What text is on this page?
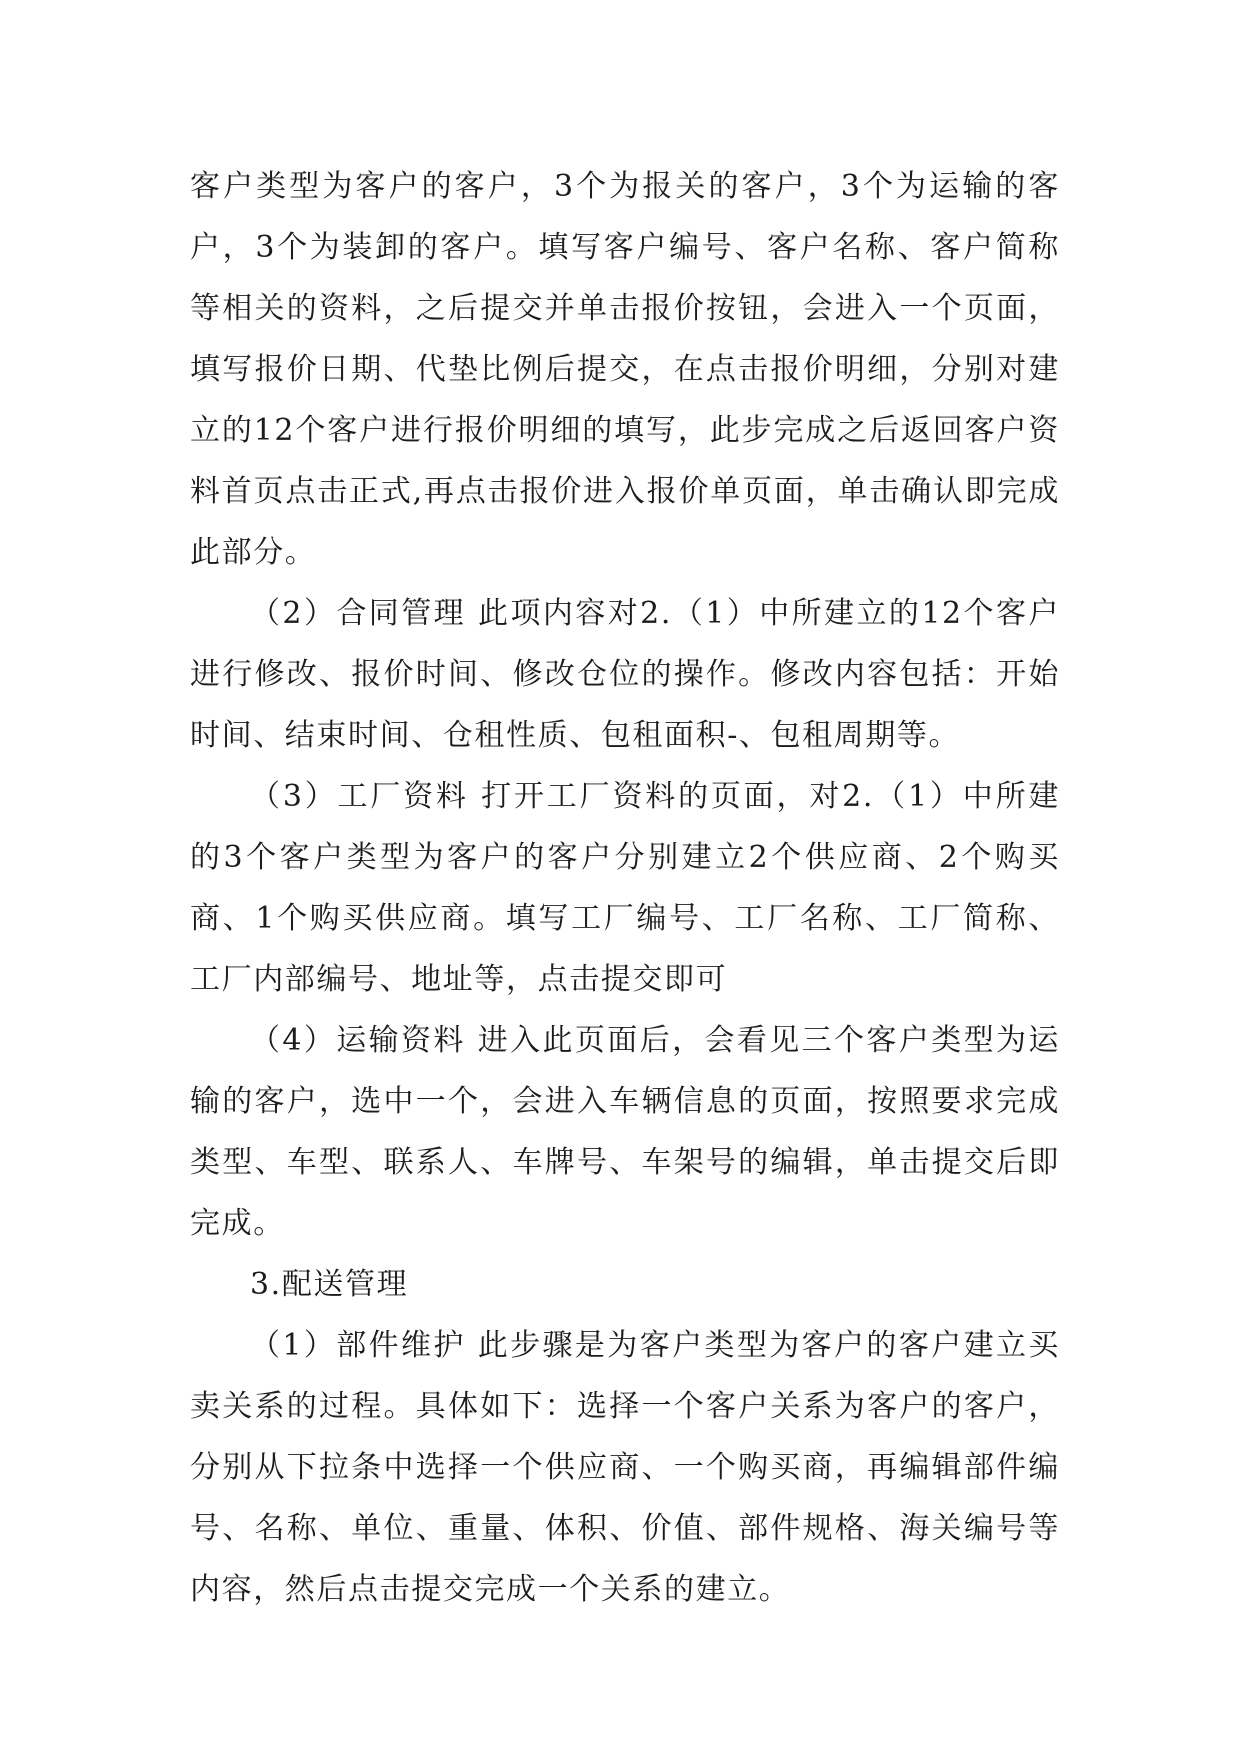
客户类型为客户的客户，3个为报关的客户，3个为运输的客户，3个为装卸的客户。填写客户编号、客户名称、客户简称等相关的资料，之后提交并单击报价按钮，会进入一个页面，填写报价日期、代垫比例后提交，在点击报价明细，分别对建立的12个客户进行报价明细的填写，此步完成之后返回客户资料首页点击正式,再点击报价进入报价单页面，单击确认即完成此部分。

（2）合同管理 此项内容对2.（1）中所建立的12个客户进行修改、报价时间、修改仓位的操作。修改内容包括：开始时间、结束时间、仓租性质、包租面积-、包租周期等。

（3）工厂资料 打开工厂资料的页面，对2.（1）中所建的3个客户类型为客户的客户分别建立2个供应商、2个购买商、1个购买供应商。填写工厂编号、工厂名称、工厂简称、工厂内部编号、地址等，点击提交即可

（4）运输资料 进入此页面后，会看见三个客户类型为运输的客户，选中一个，会进入车辆信息的页面，按照要求完成类型、车型、联系人、车牌号、车架号的编辑，单击提交后即完成。

3.配送管理

（1）部件维护 此步骤是为客户类型为客户的客户建立买卖关系的过程。具体如下：选择一个客户关系为客户的客户，分别从下拉条中选择一个供应商、一个购买商，再编辑部件编号、名称、单位、重量、体积、价值、部件规格、海关编号等内容，然后点击提交完成一个关系的建立。
